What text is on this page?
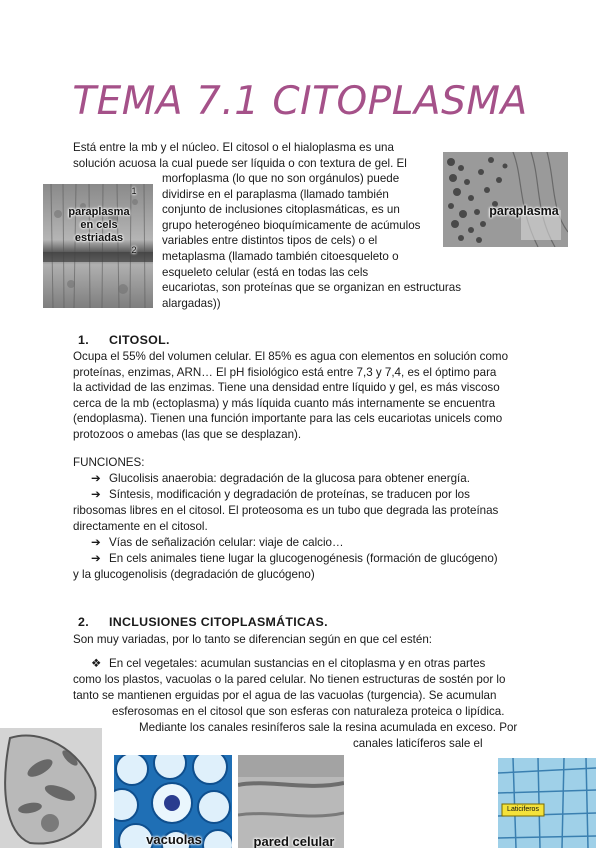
TEMA 7.1 CITOPLASMA
Está entre la mb y el núcleo. El citosol o el hialoplasma es una
solución acuosa la cual puede ser líquida o con textura de gel. El
morfoplasma (lo que no son orgánulos) puede
dividirse en el paraplasma (llamado también
conjunto de inclusiones citoplasmáticas, es un
grupo heterogéneo bioquímicamente de acúmulos
variables entre distintos tipos de cels) o el
metaplasma (llamado también citoesqueleto o
esqueleto celular (está en todas las cels
eucariotas, son proteínas que se organizan en estructuras
alargadas))
1
2
paraplasma
en cels
estriadas
paraplasma
1. CITOSOL.
Ocupa el 55% del volumen celular. El 85% es agua con elementos en solución como
proteínas, enzimas, ARN… El pH fisiológico está entre 7,3 y 7,4, es el óptimo para
la actividad de las enzimas. Tiene una densidad entre líquido y gel, es más viscoso
cerca de la mb (ectoplasma) y más líquida cuanto más internamente se encuentra
(endoplasma). Tienen una función importante para las cels eucariotas unicels como
protozoos o amebas (las que se desplazan).
FUNCIONES:
➔ Glucolisis anaerobia: degradación de la glucosa para obtener energía.
➔ Síntesis, modificación y degradación de proteínas, se traducen por los
ribosomas libres en el citosol. El proteosoma es un tubo que degrada las proteínas
directamente en el citosol.
➔ Vías de señalización celular: viaje de calcio…
➔ En cels animales tiene lugar la glucogenogénesis (formación de glucógeno)
y la glucogenolisis (degradación de glucógeno)
2. INCLUSIONES CITOPLASMÁTICAS.
Son muy variadas, por lo tanto se diferencian según en que cel estén:
❖ En cel vegetales: acumulan sustancias en el citoplasma y en otras partes
como los plastos, vacuolas o la pared celular. No tienen estructuras de sostén por lo
tanto se mantienen erguidas por el agua de las vacuolas (turgencia). Se acumulan
esferosomas en el citosol que son esferas con naturaleza proteica o lipídica.
Mediante los canales resiníferos sale la resina acumulada en exceso. Por
canales laticíferos sale el
vacuolas	pared celular
Laticiferos
